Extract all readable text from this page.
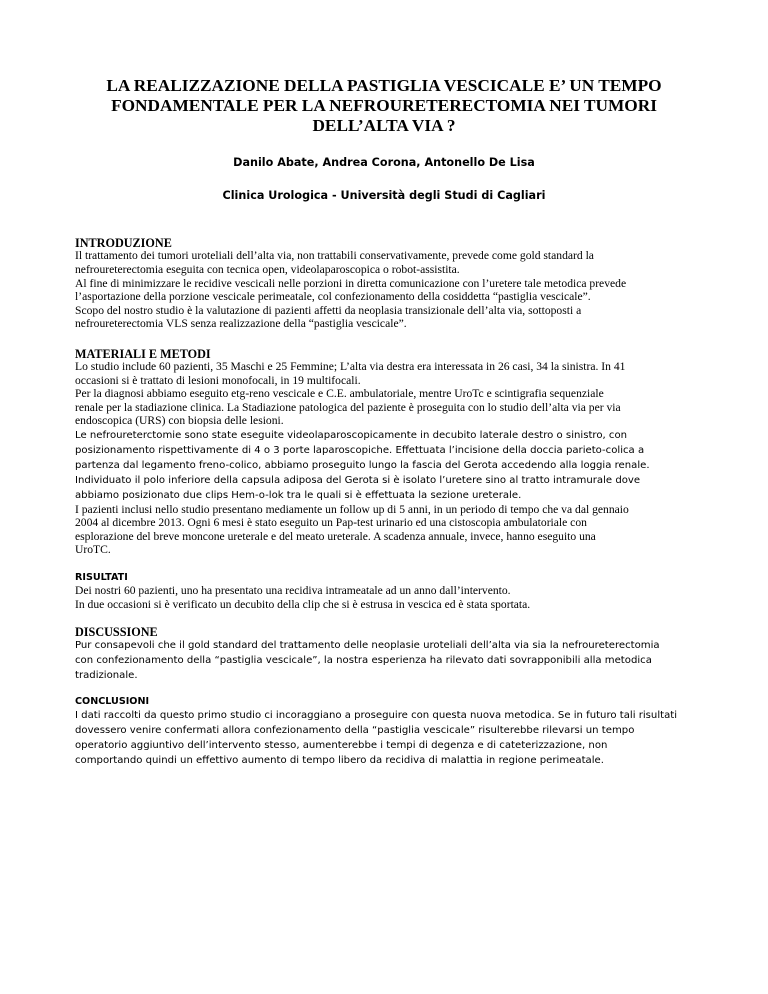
LA REALIZZAZIONE DELLA PASTIGLIA VESCICALE E’ UN TEMPO
FONDAMENTALE PER LA NEFROURETERECTOMIA NEI TUMORI
DELL’ALTA VIA ?
Danilo Abate, Andrea Corona, Antonello De Lisa
Clinica Urologica - Università degli Studi di Cagliari
INTRODUZIONE
Il trattamento dei tumori uroteliali dell’alta via, non trattabili conservativamente, prevede come gold standard la
nefroureterectomia eseguita con tecnica open, videolaparoscopica o robot-assistita.
Al fine di minimizzare le recidive vescicali nelle porzioni in diretta comunicazione con l’uretere tale metodica prevede
l’asportazione della porzione vescicale perimeatale, col confezionamento della cosiddetta “pastiglia vescicale”.
Scopo del nostro studio è la valutazione di pazienti affetti da neoplasia transizionale dell’alta via, sottoposti a
nefroureterectomia VLS senza realizzazione della “pastiglia vescicale”.
MATERIALI E METODI
Lo studio include 60 pazienti, 35 Maschi e 25 Femmine; L’alta via destra era interessata in 26 casi, 34 la sinistra. In 41
occasioni si è trattato di lesioni monofocali, in 19 multifocali.
Per la diagnosi abbiamo eseguito etg-reno vescicale e C.E. ambulatoriale, mentre UroTc e scintigrafia sequenziale
renale per la stadiazione clinica. La Stadiazione patologica del paziente è proseguita con lo studio dell’alta via per via
endoscopica (URS) con biopsia delle lesioni.
Le nefroureterctomie sono state eseguite videolaparoscopicamente in decubito laterale destro o sinistro, con
posizionamento rispettivamente di 4 o 3 porte laparoscopiche. Effettuata l’incisione della doccia parieto-colica a
partenza dal legamento freno-colico, abbiamo proseguito lungo la fascia del Gerota accedendo alla loggia renale.
Individuato il polo inferiore della capsula adiposa del Gerota si è isolato l’uretere sino al tratto intramurale dove
abbiamo posizionato due clips Hem-o-lok tra le quali si è effettuata la sezione ureterale.
I pazienti inclusi nello studio presentano mediamente un follow up di 5 anni, in un periodo di tempo che va dal gennaio
2004 al dicembre 2013. Ogni 6 mesi è stato eseguito un Pap-test urinario ed una cistoscopia ambulatoriale con
esplorazione del breve moncone ureterale e del meato ureterale. A scadenza annuale, invece, hanno eseguito una
UroTC.
RISULTATI
Dei nostri 60 pazienti, uno ha presentato una recidiva intrameatale ad un anno dall’intervento.
In due occasioni si è verificato un decubito della clip che si è estrusa in vescica ed è stata sportata.
DISCUSSIONE
Pur consapevoli che il gold standard del trattamento delle neoplasie uroteliali dell’alta via sia la nefroureterectomia
con confezionamento della “pastiglia vescicale”, la nostra esperienza ha rilevato dati sovrapponibili alla metodica
tradizionale.
CONCLUSIONI
I dati raccolti da questo primo studio ci incoraggiano a proseguire con questa nuova metodica. Se in futuro tali risultati
dovessero venire confermati allora confezionamento della “pastiglia vescicale” risulterebbe rilevarsi un tempo
operatorio aggiuntivo dell’intervento stesso, aumenterebbe i tempi di degenza e di cateterizzazione, non
comportando quindi un effettivo aumento di tempo libero da recidiva di malattia in regione perimeatale.
